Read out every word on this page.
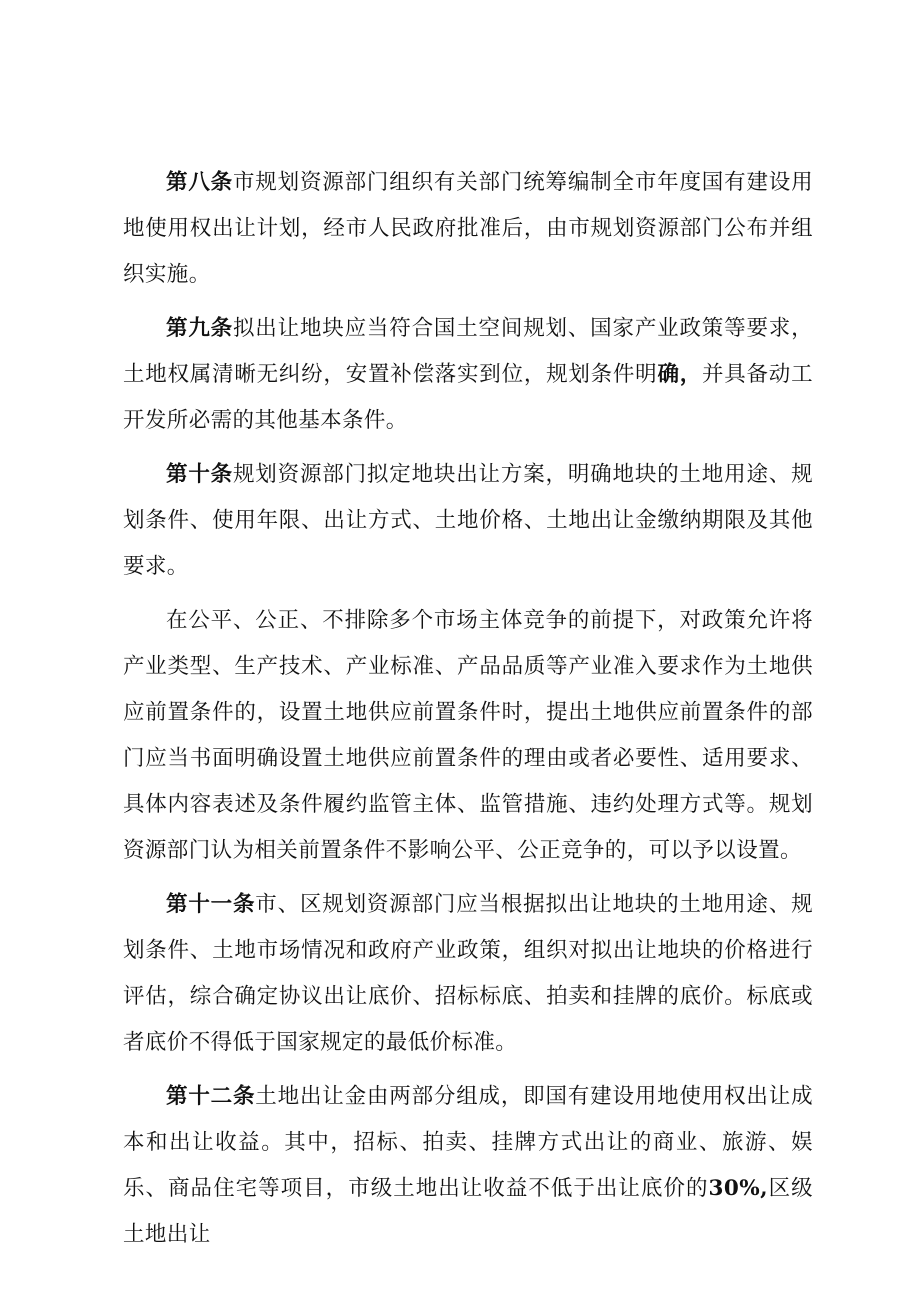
第八条市规划资源部门组织有关部门统筹编制全市年度国有建设用地使用权出让计划，经市人民政府批准后，由市规划资源部门公布并组织实施。

第九条拟出让地块应当符合国土空间规划、国家产业政策等要求，土地权属清晰无纠纷，安置补偿落实到位，规划条件明确，并具备动工开发所必需的其他基本条件。

第十条规划资源部门拟定地块出让方案，明确地块的土地用途、规划条件、使用年限、出让方式、土地价格、土地出让金缴纳期限及其他要求。

在公平、公正、不排除多个市场主体竞争的前提下，对政策允许将产业类型、生产技术、产业标准、产品品质等产业准入要求作为土地供应前置条件的，设置土地供应前置条件时，提出土地供应前置条件的部门应当书面明确设置土地供应前置条件的理由或者必要性、适用要求、具体内容表述及条件履约监管主体、监管措施、违约处理方式等。规划资源部门认为相关前置条件不影响公平、公正竞争的，可以予以设置。

第十一条市、区规划资源部门应当根据拟出让地块的土地用途、规划条件、土地市场情况和政府产业政策，组织对拟出让地块的价格进行评估，综合确定协议出让底价、招标标底、拍卖和挂牌的底价。标底或者底价不得低于国家规定的最低价标准。

第十二条土地出让金由两部分组成，即国有建设用地使用权出让成本和出让收益。其中，招标、拍卖、挂牌方式出让的商业、旅游、娱乐、商品住宅等项目，市级土地出让收益不低于出让底价的30%,区级土地出让
